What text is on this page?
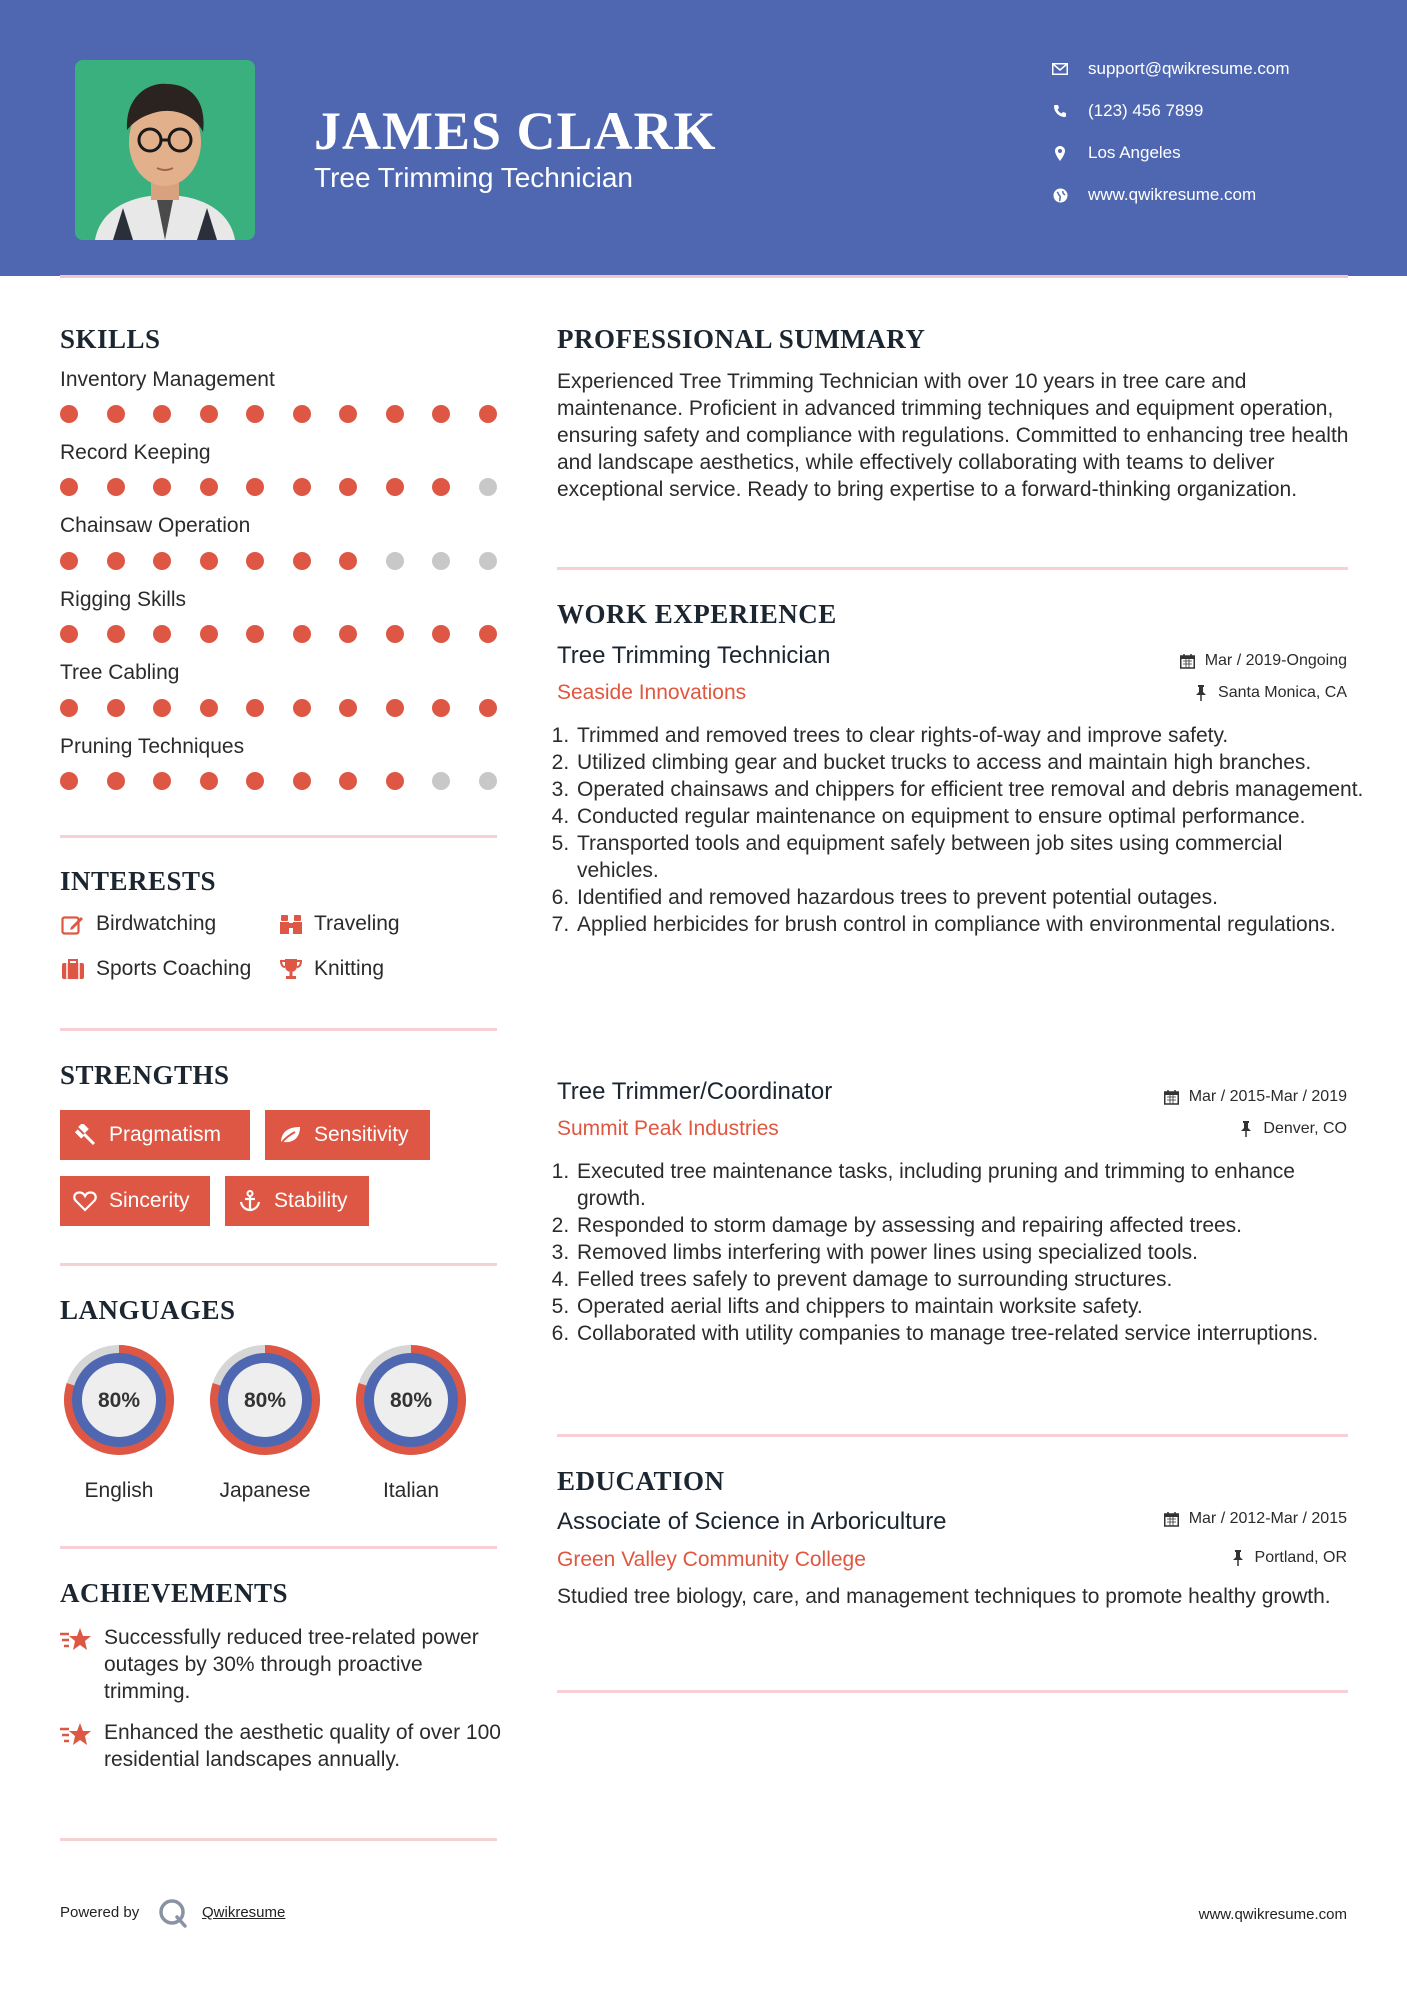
JAMES CLARK
Tree Trimming Technician
support@qwikresume.com
(123) 456 7899
Los Angeles
www.qwikresume.com
SKILLS
Inventory Management
Record Keeping
Chainsaw Operation
Rigging Skills
Tree Cabling
Pruning Techniques
INTERESTS
Birdwatching	Traveling
Sports Coaching	Knitting
STRENGTHS
Pragmatism	Sensitivity
Sincerity	Stability
LANGUAGES
80%
English
80%
Japanese
80%
Italian
ACHIEVEMENTS
Successfully reduced tree-related power outages by 30% through proactive trimming.
Enhanced the aesthetic quality of over 100 residential landscapes annually.
PROFESSIONAL SUMMARY
Experienced Tree Trimming Technician with over 10 years in tree care and maintenance. Proficient in advanced trimming techniques and equipment operation, ensuring safety and compliance with regulations. Committed to enhancing tree health and landscape aesthetics, while effectively collaborating with teams to deliver exceptional service. Ready to bring expertise to a forward-thinking organization.
WORK EXPERIENCE
Tree Trimming Technician	Mar / 2019-Ongoing
Seaside Innovations	Santa Monica, CA
1. Trimmed and removed trees to clear rights-of-way and improve safety.
2. Utilized climbing gear and bucket trucks to access and maintain high branches.
3. Operated chainsaws and chippers for efficient tree removal and debris management.
4. Conducted regular maintenance on equipment to ensure optimal performance.
5. Transported tools and equipment safely between job sites using commercial vehicles.
6. Identified and removed hazardous trees to prevent potential outages.
7. Applied herbicides for brush control in compliance with environmental regulations.
Tree Trimmer/Coordinator	Mar / 2015-Mar / 2019
Summit Peak Industries	Denver, CO
1. Executed tree maintenance tasks, including pruning and trimming to enhance growth.
2. Responded to storm damage by assessing and repairing affected trees.
3. Removed limbs interfering with power lines using specialized tools.
4. Felled trees safely to prevent damage to surrounding structures.
5. Operated aerial lifts and chippers to maintain worksite safety.
6. Collaborated with utility companies to manage tree-related service interruptions.
EDUCATION
Associate of Science in Arboriculture	Mar / 2012-Mar / 2015
Green Valley Community College	Portland, OR
Studied tree biology, care, and management techniques to promote healthy growth.
Powered by	Qwikresume	www.qwikresume.com
